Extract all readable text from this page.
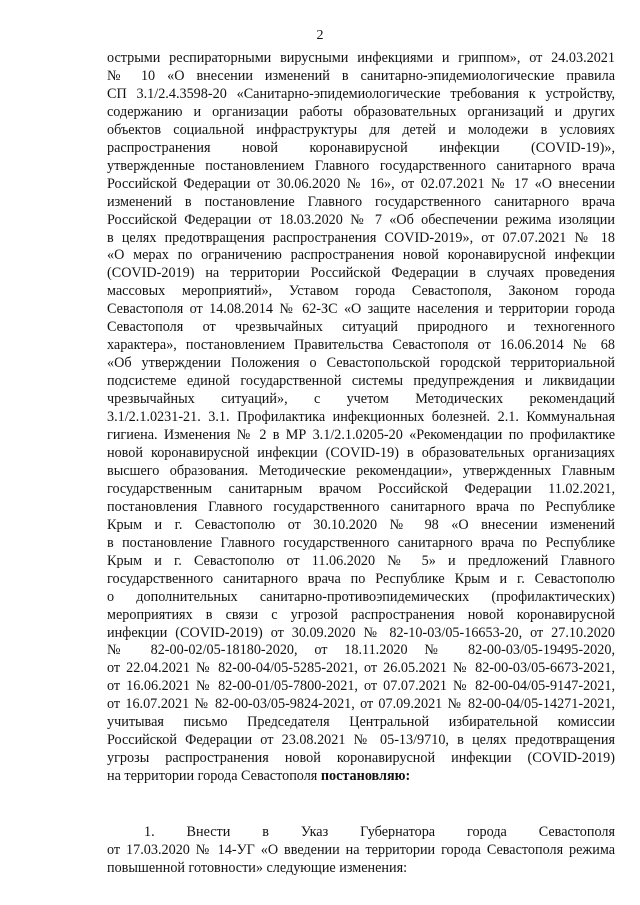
2
острыми респираторными вирусными инфекциями и гриппом», от 24.03.2021
№ 10 «О внесении изменений в санитарно-эпидемиологические правила
СП 3.1/2.4.3598-20 «Санитарно-эпидемиологические требования к устройству,
содержанию и организации работы образовательных организаций и других
объектов социальной инфраструктуры для детей и молодежи в условиях
распространения новой коронавирусной инфекции (COVID-19)»,
утвержденные постановлением Главного государственного санитарного врача
Российской Федерации от 30.06.2020 № 16», от 02.07.2021 № 17 «О внесении
изменений в постановление Главного государственного санитарного врача
Российской Федерации от 18.03.2020 № 7 «Об обеспечении режима изоляции
в целях предотвращения распространения COVID-2019», от 07.07.2021 № 18
«О мерах по ограничению распространения новой коронавирусной инфекции
(COVID-2019) на территории Российской Федерации в случаях проведения
массовых мероприятий», Уставом города Севастополя, Законом города
Севастополя от 14.08.2014 № 62-ЗС «О защите населения и территории города
Севастополя от чрезвычайных ситуаций природного и техногенного
характера», постановлением Правительства Севастополя от 16.06.2014 № 68
«Об утверждении Положения о Севастопольской городской территориальной
подсистеме единой государственной системы предупреждения и ликвидации
чрезвычайных ситуаций», с учетом Методических рекомендаций
3.1/2.1.0231-21. 3.1. Профилактика инфекционных болезней. 2.1. Коммунальная
гигиена. Изменения № 2 в МР 3.1/2.1.0205-20 «Рекомендации по профилактике
новой коронавирусной инфекции (COVID-19) в образовательных организациях
высшего образования. Методические рекомендации», утвержденных Главным
государственным санитарным врачом Российской Федерации 11.02.2021,
постановления Главного государственного санитарного врача по Республике
Крым и г. Севастополю от 30.10.2020 № 98 «О внесении изменений
в постановление Главного государственного санитарного врача по Республике
Крым и г. Севастополю от 11.06.2020 № 5» и предложений Главного
государственного санитарного врача по Республике Крым и г. Севастополю
о дополнительных санитарно-противоэпидемических (профилактических)
мероприятиях в связи с угрозой распространения новой коронавирусной
инфекции (COVID-2019) от 30.09.2020 № 82-10-03/05-16653-20, от 27.10.2020
№ 82-00-02/05-18180-2020, от 18.11.2020 № 82-00-03/05-19495-2020,
от 22.04.2021 № 82-00-04/05-5285-2021, от 26.05.2021 № 82-00-03/05-6673-2021,
от 16.06.2021 № 82-00-01/05-7800-2021, от 07.07.2021 № 82-00-04/05-9147-2021,
от 16.07.2021 № 82-00-03/05-9824-2021, от 07.09.2021 № 82-00-04/05-14271-2021,
учитывая письмо Председателя Центральной избирательной комиссии
Российской Федерации от 23.08.2021 № 05-13/9710, в целях предотвращения
угрозы распространения новой коронавирусной инфекции (COVID-2019)
на территории города Севастополя постановляю:
1. Внести в Указ Губернатора города Севастополя
от 17.03.2020 № 14-УГ «О введении на территории города Севастополя режима
повышенной готовности» следующие изменения:
